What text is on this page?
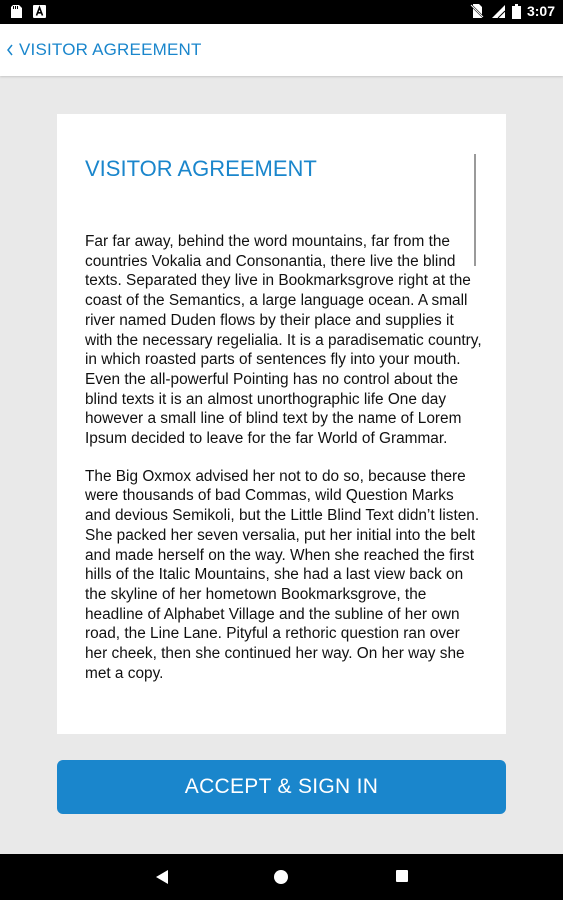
3:07
VISITOR AGREEMENT
VISITOR AGREEMENT

Far far away, behind the word mountains, far from the countries Vokalia and Consonantia, there live the blind texts. Separated they live in Bookmarksgrove right at the coast of the Semantics, a large language ocean. A small river named Duden flows by their place and supplies it with the necessary regelialia. It is a paradisematic country, in which roasted parts of sentences fly into your mouth. Even the all-powerful Pointing has no control about the blind texts it is an almost unorthographic life One day however a small line of blind text by the name of Lorem Ipsum decided to leave for the far World of Grammar.

The Big Oxmox advised her not to do so, because there were thousands of bad Commas, wild Question Marks and devious Semikoli, but the Little Blind Text didn’t listen. She packed her seven versalia, put her initial into the belt and made herself on the way. When she reached the first hills of the Italic Mountains, she had a last view back on the skyline of her hometown Bookmarksgrove, the headline of Alphabet Village and the subline of her own road, the Line Lane. Pityful a rethoric question ran over her cheek, then she continued her way. On her way she met a copy.

ACCEPT & SIGN IN
